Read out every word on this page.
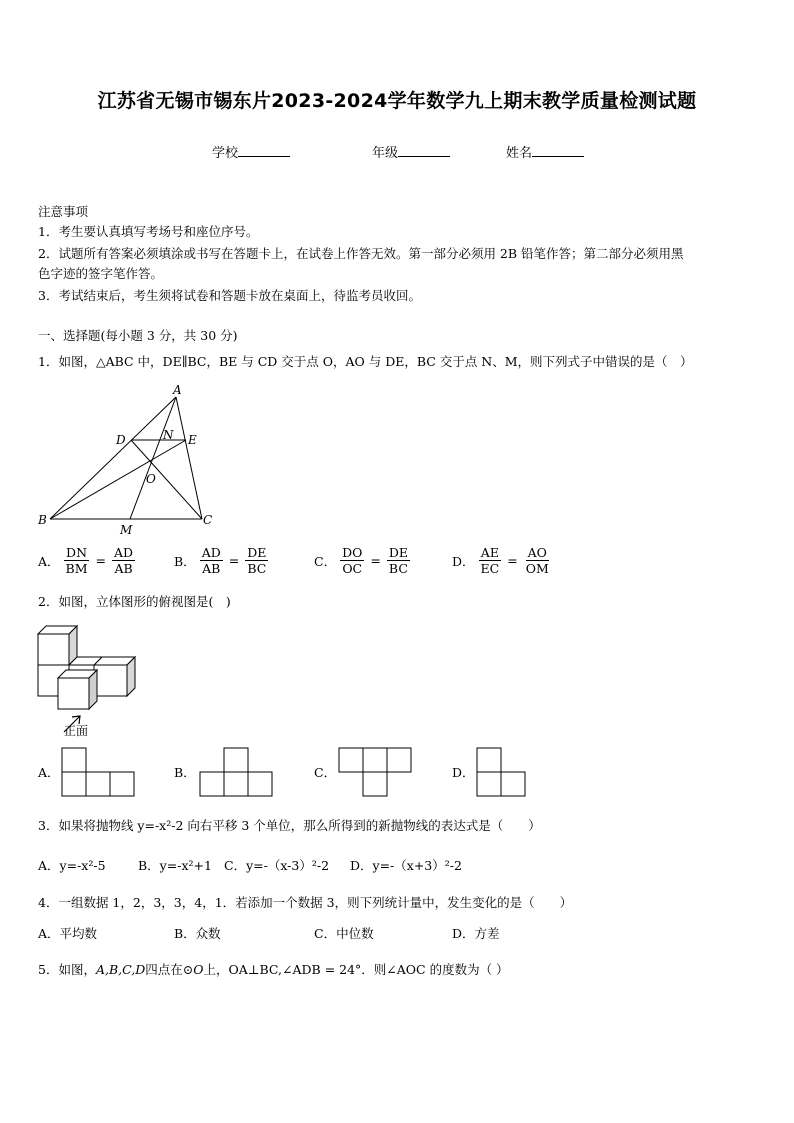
江苏省无锡市锡东片2023-2024学年数学九上期末教学质量检测试题
学校	年级	姓名
注意事项
1．考生要认真填写考场号和座位序号。
2．试题所有答案必须填涂或书写在答题卡上，在试卷上作答无效。第一部分必须用 2B 铅笔作答；第二部分必须用黑
色字迹的签字笔作答。
3．考试结束后，考生须将试卷和答题卡放在桌面上，待监考员收回。
一、选择题(每小题 3 分，共 30 分)
1．如图，△ABC 中，DE∥BC，BE 与 CD 交于点 O，AO 与 DE，BC 交于点 N、M，则下列式子中错误的是（　）
A
B	C
D	E
N
O
M
A． $\frac{DN}{BM} = \frac{AD}{AB}$	B． $\frac{AD}{AB} = \frac{DE}{BC}$	C． $\frac{DO}{OC} = \frac{DE}{BC}$	D． $\frac{AE}{EC} = \frac{AO}{OM}$
2．如图，立体图形的俯视图是(　)
正面
A．	B．	C．	D．
3．如果将抛物线 y=-x²-2 向右平移 3 个单位，那么所得到的新抛物线的表达式是（　　）
A．y=-x²-5	B．y=-x²+1 C．y=-（x-3）²-2 D．y=-（x+3）²-2
4．一组数据 1，2，3，3，4，1．若添加一个数据 3，则下列统计量中，发生变化的是（　　）
A．平均数	B．众数	C．中位数	D．方差
5．如图，A,B,C,D四点在⊙O上，OA⊥BC,∠ADB = 24°．则∠AOC 的度数为（ ）
